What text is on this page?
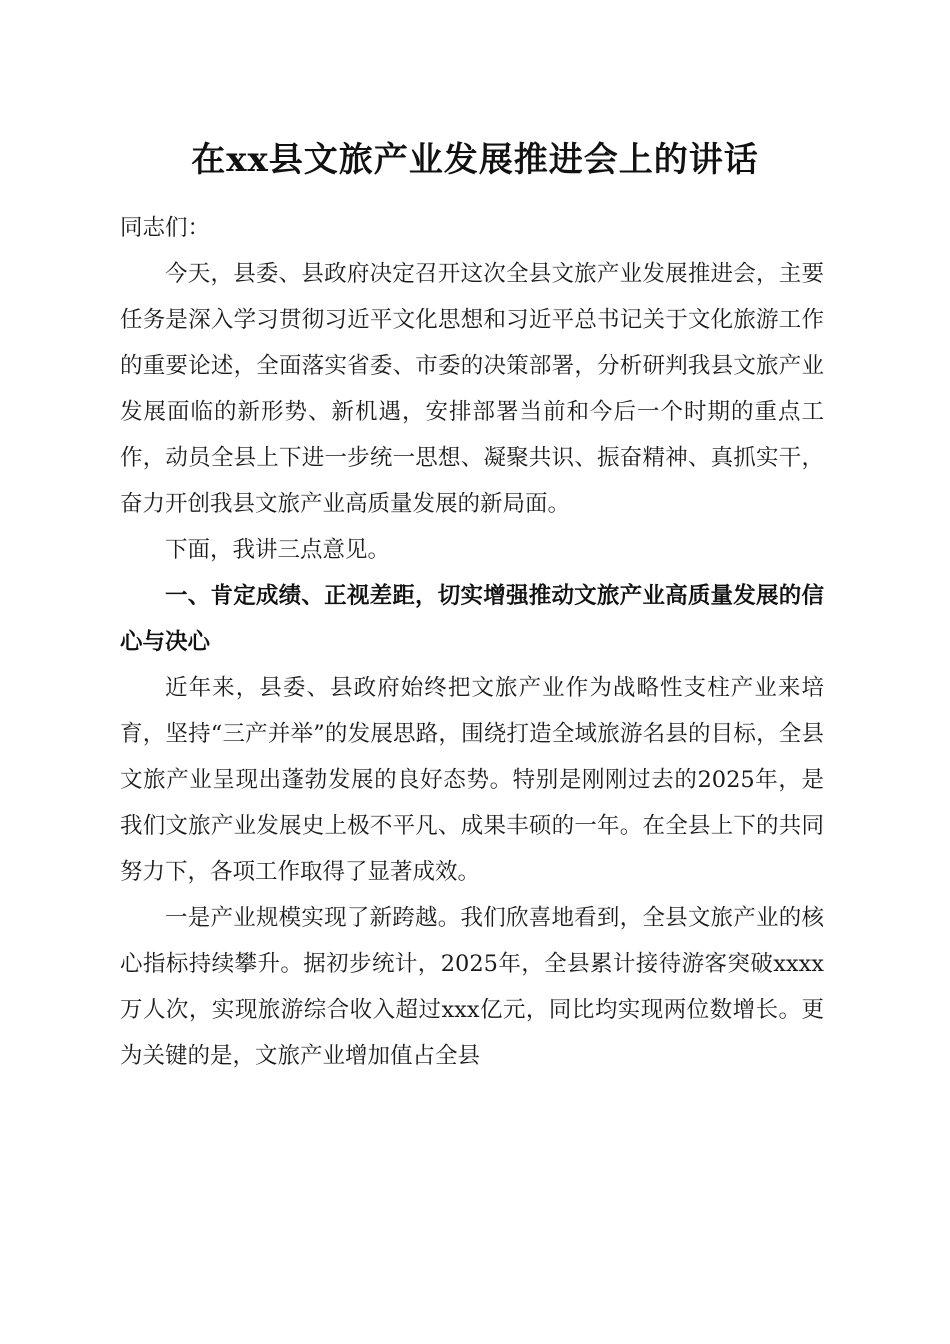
在xx县文旅产业发展推进会上的讲话

同志们：

今天，县委、县政府决定召开这次全县文旅产业发展推进会，主要任务是深入学习贯彻习近平文化思想和习近平总书记关于文化旅游工作的重要论述，全面落实省委、市委的决策部署，分析研判我县文旅产业发展面临的新形势、新机遇，安排部署当前和今后一个时期的重点工作，动员全县上下进一步统一思想、凝聚共识、振奋精神、真抓实干，奋力开创我县文旅产业高质量发展的新局面。

下面，我讲三点意见。

一、肯定成绩、正视差距，切实增强推动文旅产业高质量发展的信心与决心

近年来，县委、县政府始终把文旅产业作为战略性支柱产业来培育，坚持“三产并举”的发展思路，围绕打造全域旅游名县的目标，全县文旅产业呈现出蓬勃发展的良好态势。特别是刚刚过去的2025年，是我们文旅产业发展史上极不平凡、成果丰硕的一年。在全县上下的共同努力下，各项工作取得了显著成效。

一是产业规模实现了新跨越。我们欣喜地看到，全县文旅产业的核心指标持续攀升。据初步统计，2025年，全县累计接待游客突破xxxx万人次，实现旅游综合收入超过xxx亿元，同比均实现两位数增长。更为关键的是，文旅产业增加值占全县
